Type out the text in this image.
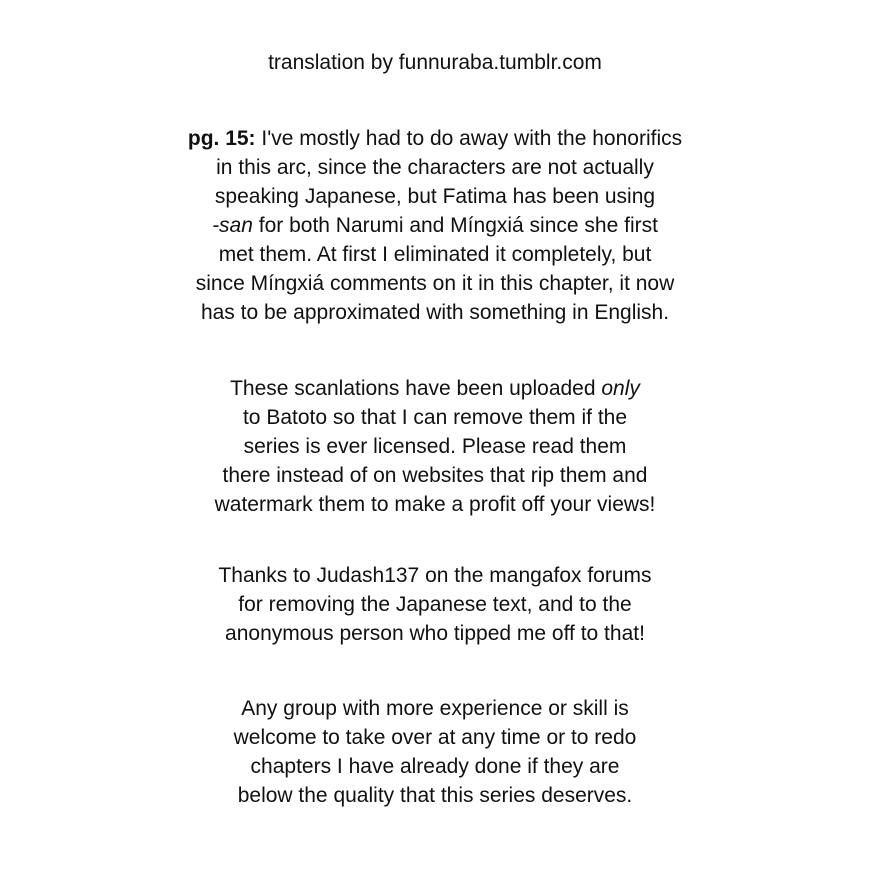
translation by funnuraba.tumblr.com
pg. 15: I've mostly had to do away with the honorifics
in this arc, since the characters are not actually
speaking Japanese, but Fatima has been using
-san for both Narumi and Míngxiá since she first
met them. At first I eliminated it completely, but
since Míngxiá comments on it in this chapter, it now
has to be approximated with something in English.
These scanlations have been uploaded only
to Batoto so that I can remove them if the
series is ever licensed. Please read them
there instead of on websites that rip them and
watermark them to make a profit off your views!
Thanks to Judash137 on the mangafox forums
for removing the Japanese text, and to the
anonymous person who tipped me off to that!
Any group with more experience or skill is
welcome to take over at any time or to redo
chapters I have already done if they are
below the quality that this series deserves.
